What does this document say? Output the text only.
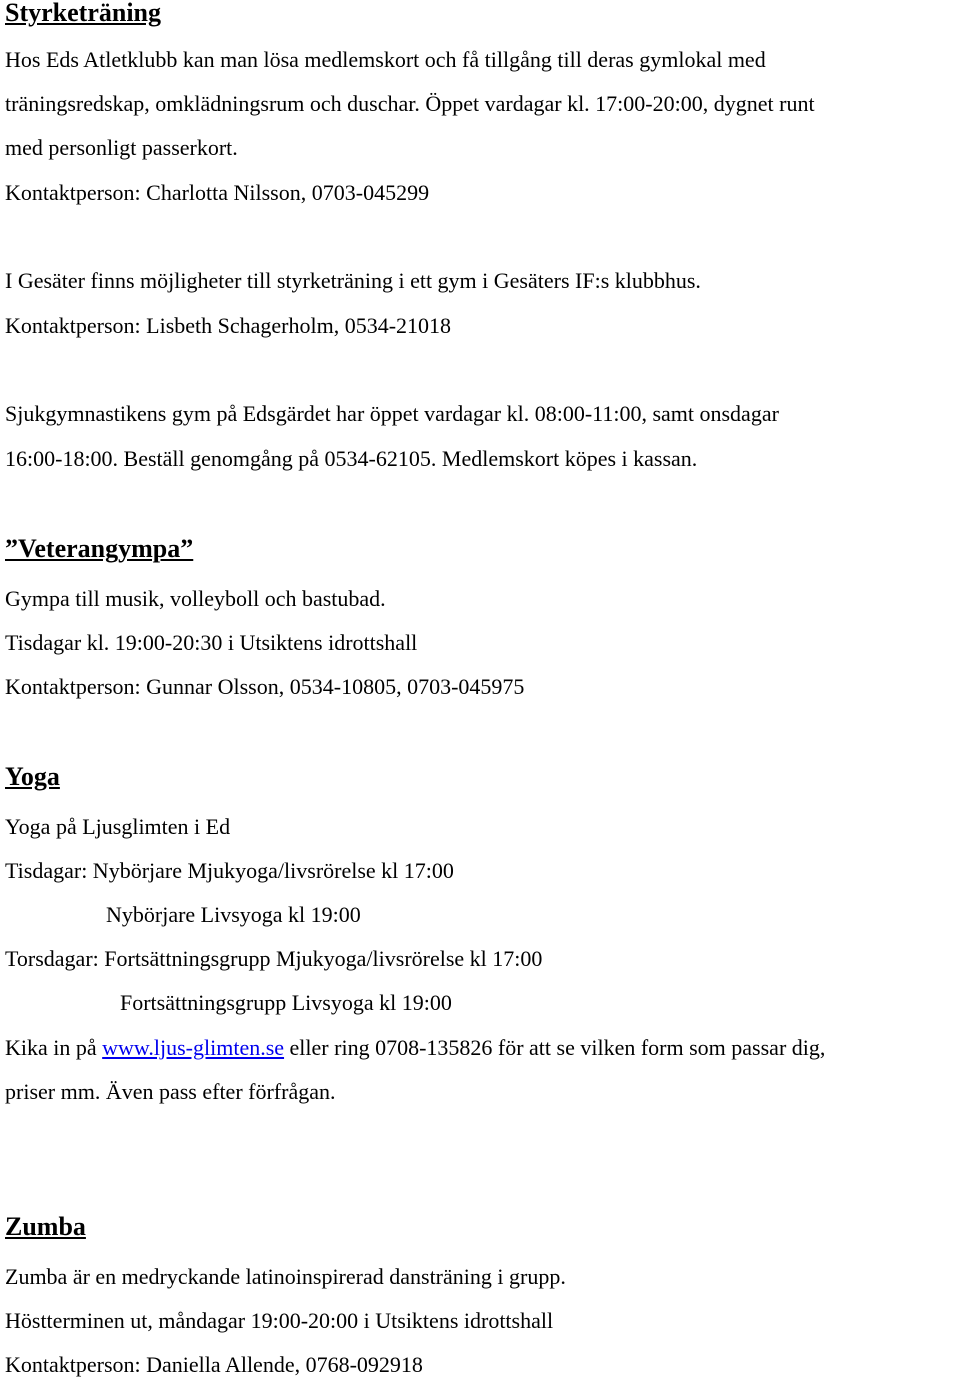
Styrketräning
Hos Eds Atletklubb kan man lösa medlemskort och få tillgång till deras gymlokal med
träningsredskap, omklädningsrum och duschar. Öppet vardagar kl. 17:00-20:00, dygnet runt
med personligt passerkort.
Kontaktperson: Charlotta Nilsson, 0703-045299
I Gesäter finns möjligheter till styrketräning i ett gym i Gesäters IF:s klubbhus.
Kontaktperson: Lisbeth Schagerholm, 0534-21018
Sjukgymnastikens gym på Edsgärdet har öppet vardagar kl. 08:00-11:00, samt onsdagar
16:00-18:00. Beställ genomgång på 0534-62105. Medlemskort köpes i kassan.
”Veterangympa”
Gympa till musik, volleyboll och bastubad.
Tisdagar kl. 19:00-20:30 i Utsiktens idrottshall
Kontaktperson: Gunnar Olsson, 0534-10805, 0703-045975
Yoga
Yoga på Ljusglimten i Ed
Tisdagar: Nybörjare Mjukyoga/livsrörelse kl 17:00
Nybörjare Livsyoga kl 19:00
Torsdagar: Fortsättningsgrupp Mjukyoga/livsrörelse kl 17:00
Fortsättningsgrupp Livsyoga kl 19:00
Kika in på www.ljus-glimten.se eller ring 0708-135826 för att se vilken form som passar dig,
priser mm. Även pass efter förfrågan.
Zumba
Zumba är en medryckande latinoinspirerad dansträning i grupp.
Höstterminen ut, måndagar 19:00-20:00 i Utsiktens idrottshall
Kontaktperson: Daniella Allende, 0768-092918
